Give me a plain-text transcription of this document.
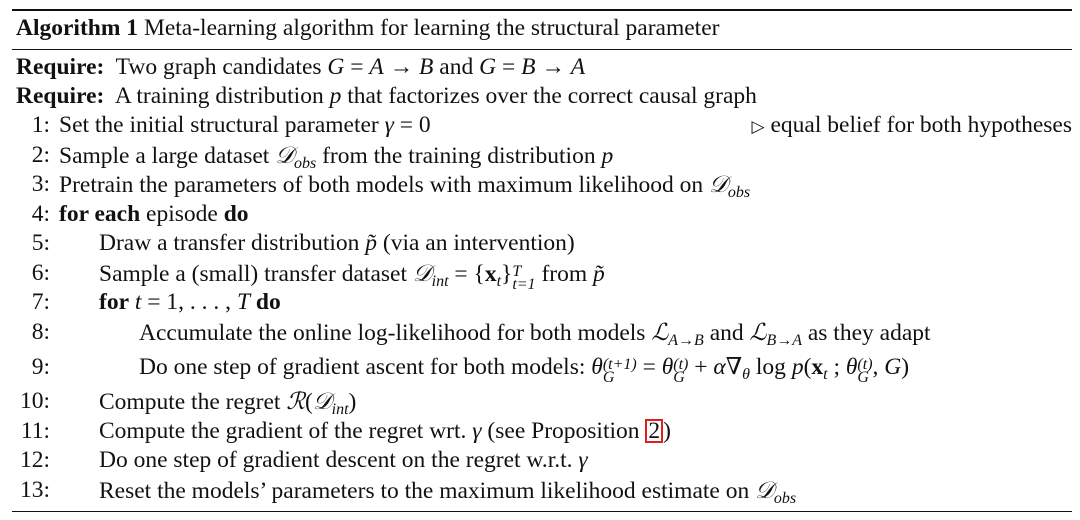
Algorithm 1 Meta-learning algorithm for learning the structural parameter
Require: Two graph candidates G = A → B and G = B → A
Require: A training distribution p that factorizes over the correct causal graph
1: Set the initial structural parameter γ = 0	▷ equal belief for both hypotheses
2: Sample a large dataset 𝒟$_{obs}$ from the training distribution p
3: Pretrain the parameters of both models with maximum likelihood on 𝒟$_{obs}$
4: for each episode do
5: Draw a transfer distribution p̃ (via an intervention)
6: Sample a (small) transfer dataset 𝒟$_{int}$ = $\{x_t\}$ T
t=1 from p̃
7: for t = 1, . . . , T do
8:	Accumulate the online log-likelihood for both models ℒ$_{A\to B}$ and ℒ$_{B\to A}$ as they adapt
9:	Do one step of gradient ascent for both models: θ (t+1)
G = θ (t)
$G + \alpha\nabla_\theta$ $\log p(x_t$ ; θ (t)
G , G)
10: Compute the regret ℛ(𝒟$_{int}$)
11: Compute the gradient of the regret wrt. γ (see Proposition 2 )
12: Do one step of gradient descent on the regret w.r.t. γ
13: Reset the models’ parameters to the maximum likelihood estimate on 𝒟$_{obs}$
